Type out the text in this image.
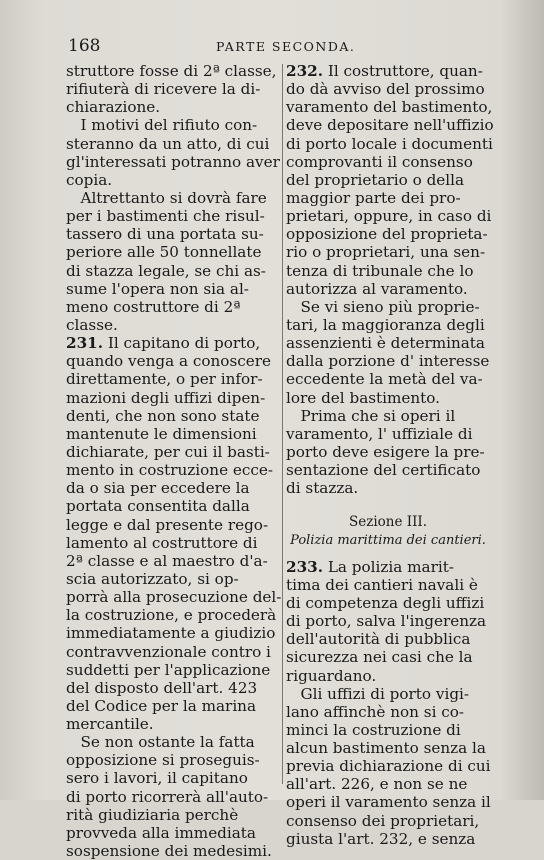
168	PARTE SECONDA.
struttore fosse di 2ª classe,
rifiuterà di ricevere la di-
chiarazione.
I motivi del rifiuto con-
steranno da un atto, di cui
gl'interessati potranno aver
copia.
Altrettanto si dovrà fare
per i bastimenti che risul-
tassero di una portata su-
periore alle 50 tonnellate
di stazza legale, se chi as-
sume l'opera non sia al-
meno costruttore di 2ª
classe.
231. Il capitano di porto,
quando venga a conoscere
direttamente, o per infor-
mazioni degli uffizi dipen-
denti, che non sono state
mantenute le dimensioni
dichiarate, per cui il basti-
mento in costruzione ecce-
da o sia per eccedere la
portata consentita dalla
legge e dal presente rego-
lamento al costruttore di
2ª classe e al maestro d'a-
scia autorizzato, si op-
porrà alla prosecuzione del-
la costruzione, e procederà
immediatamente a giudizio
contravvenzionale contro i
suddetti per l'applicazione
del disposto dell'art. 423
del Codice per la marina
mercantile.
Se non ostante la fatta
opposizione si proseguis-
sero i lavori, il capitano
di porto ricorrerà all'auto-
rità giudiziaria perchè
provveda alla immediata
sospensione dei medesimi.
232. Il costruttore, quan-
do dà avviso del prossimo
varamento del bastimento,
deve depositare nell'uffizio
di porto locale i documenti
comprovanti il consenso
del proprietario o della
maggior parte dei pro-
prietari, oppure, in caso di
opposizione del proprieta-
rio o proprietari, una sen-
tenza di tribunale che lo
autorizza al varamento.
Se vi sieno più proprie-
tari, la maggioranza degli
assenzienti è determinata
dalla porzione d' interesse
eccedente la metà del va-
lore del bastimento.
Prima che si operi il
varamento, l' uffiziale di
porto deve esigere la pre-
sentazione del certificato
di stazza.
Sezione III.
Polizia marittima dei cantieri.
233. La polizia marit-
tima dei cantieri navali è
di competenza degli uffizi
di porto, salva l'ingerenza
dell'autorità di pubblica
sicurezza nei casi che la
riguardano.
Gli uffizi di porto vigi-
lano affinchè non si co-
minci la costruzione di
alcun bastimento senza la
previa dichiarazione di cui
all'art. 226, e non se ne
operi il varamento senza il
consenso dei proprietari,
giusta l'art. 232, e senza
